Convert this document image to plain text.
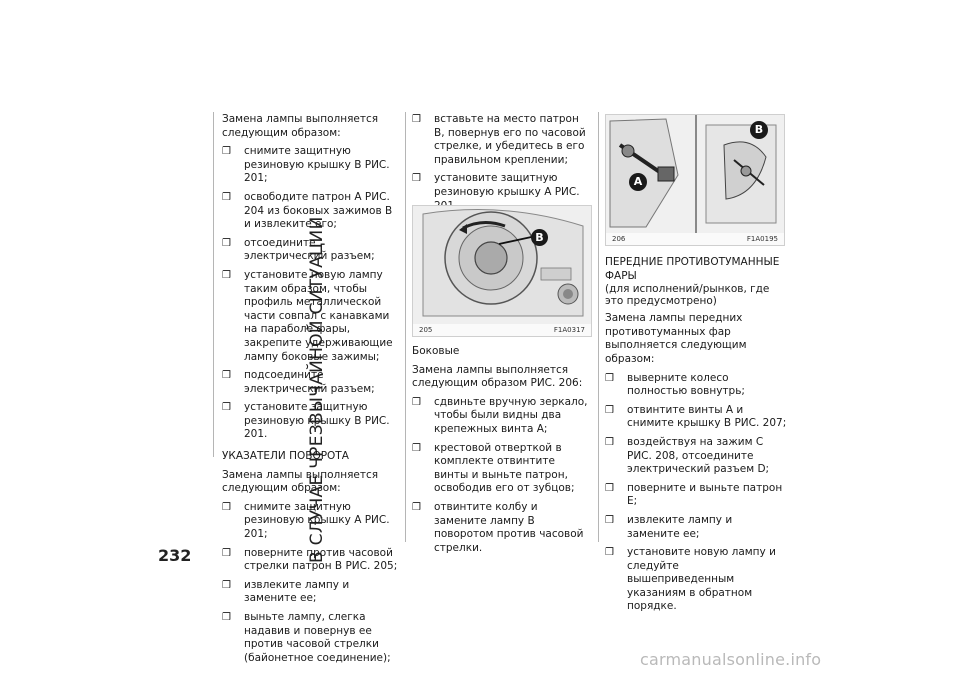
В СЛУЧАЕ ЧРЕЗВЫЧАЙНОЙ СИТУАЦИИ

Замена лампы выполняется следующим образом:

❒ снимите защитную резиновую крышку В РИС. 201;
❒ освободите патрон А РИС. 204 из боковых зажимов В и извлеките его;
❒ отсоедините электрический разъем;
❒ установите новую лампу таким образом, чтобы профиль металлической части совпал с канавками на параболе фары, закрепите удерживающие лампу боковые зажимы;
❒ подсоедините электрический разъем;
❒ установите защитную резиновую крышку В РИС. 201.

УКАЗАТЕЛИ ПОВОРОТА

Замена лампы выполняется следующим образом:

❒ снимите защитную резиновую крышку А РИС. 201;
❒ поверните против часовой стрелки патрон В РИС. 205;
❒ извлеките лампу и замените ее;
❒ выньте лампу, слегка надавив и повернув ее против часовой стрелки (байонетное соединение);
❒ вставьте на место патрон В, повернув его по часовой стрелке, и убедитесь в его правильном креплении;
❒ установите защитную резиновую крышку А РИС.
B
205	F1A0317

Боковые

Замена лампы выполняется следующим образом РИС. 206:

❒ сдвиньте вручную зеркало, чтобы были видны два крепежных винта А;
❒ крестовой отверткой в комплекте отвинтите винты и выньте патрон, освободив его от зубцов;
❒ отвинтите колбу и замените лампу В поворотом против часовой стрелки.
A
B
206	F1A0195

ПЕРЕДНИЕ ПРОТИВОТУМАННЫЕ ФАРЫ

(для исполнений/рынков, где это предусмотрено)

Замена лампы передних противотуманных фар выполняется следующим образом:

❒ выверните колесо полностью вовнутрь;
❒ отвинтите винты А и снимите крышку В РИС. 207;
❒ воздействуя на зажим С РИС. 208, отсоедините электрический разъем D;
❒ поверните и выньте патрон Е;
❒ извлеките лампу и замените ее;
❒ установите новую лампу и следуйте вышеприведенным указаниям в обратном порядке.
232
carmanualsonline.info
